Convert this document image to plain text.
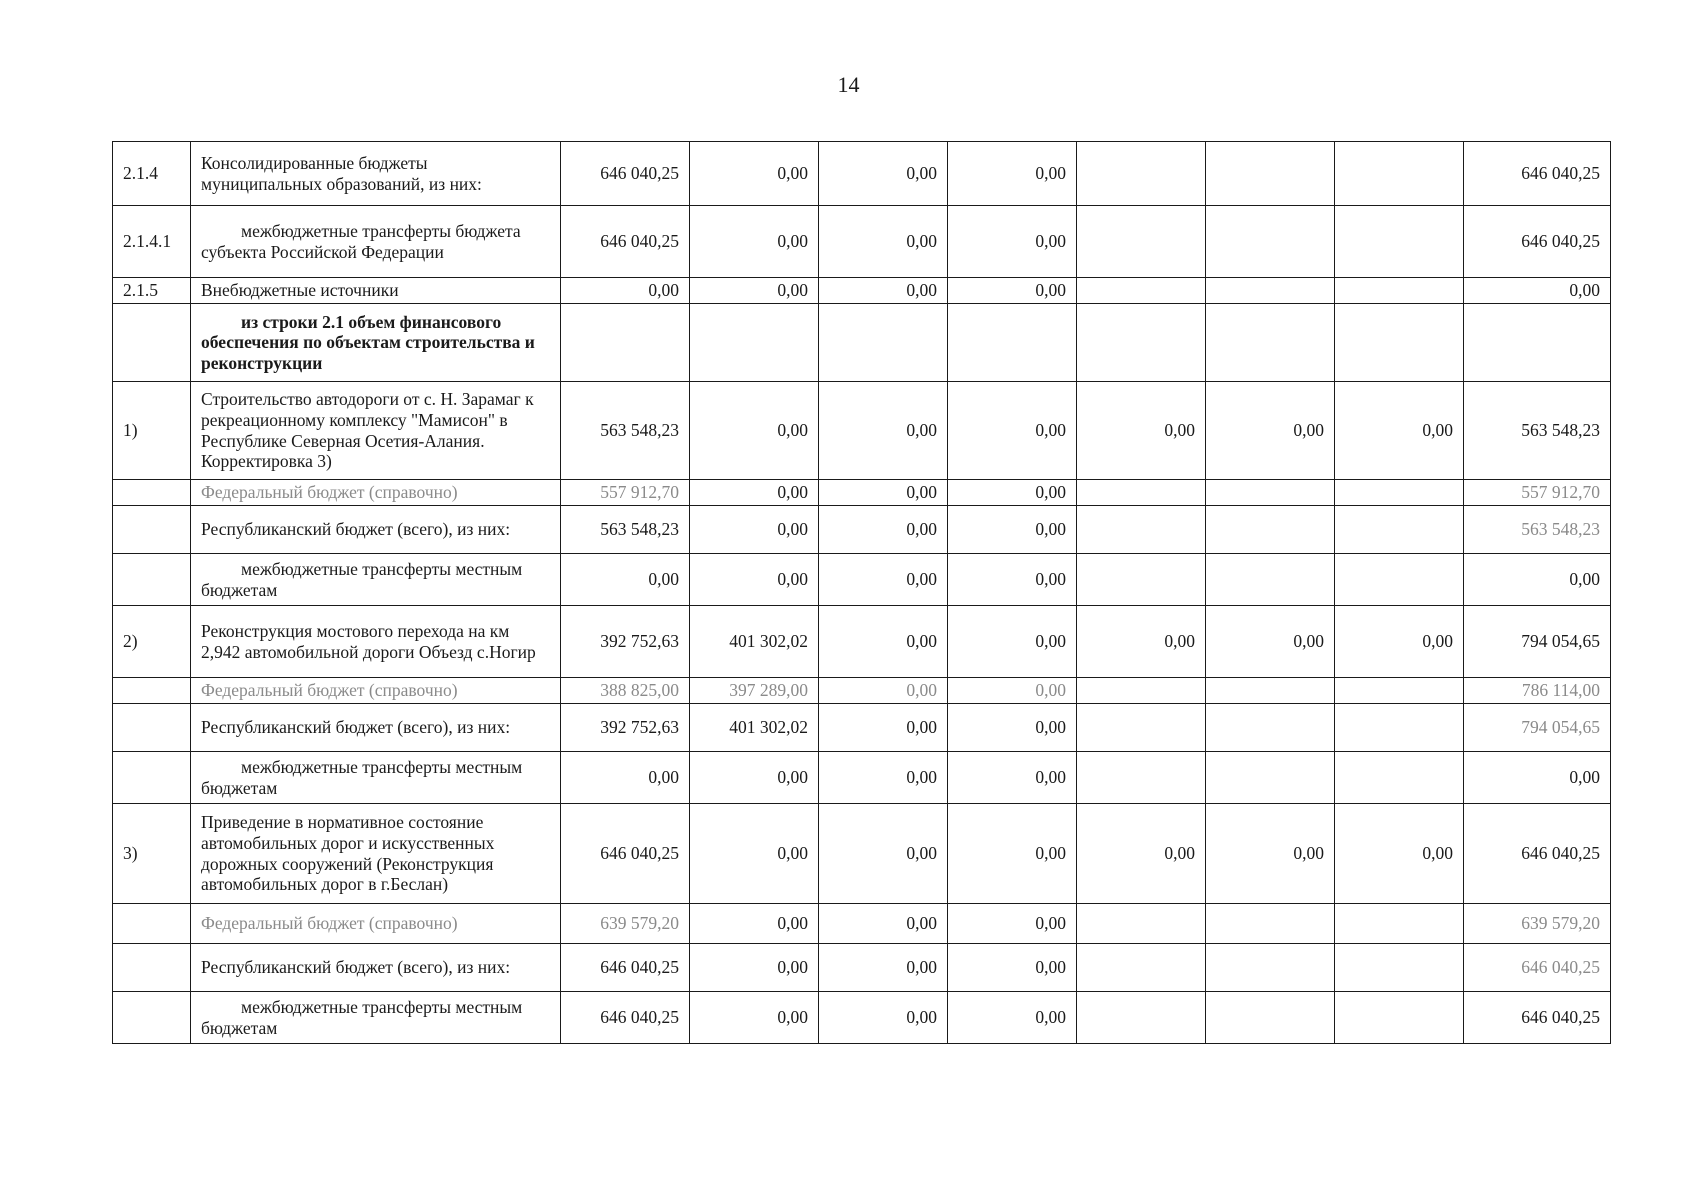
14
2.1.4	Консолидированные бюджеты муниципальных образований, из них:	646 040,25	0,00	0,00	0,00				646 040,25
2.1.4.1	межбюджетные трансферты бюджета субъекта Российской Федерации	646 040,25	0,00	0,00	0,00				646 040,25
2.1.5	Внебюджетные источники	0,00	0,00	0,00	0,00				0,00
	из строки 2.1 объем финансового обеспечения по объектам строительства и реконструкции								
1)	Строительство автодороги от с. Н. Зарамаг к рекреационному комплексу "Мамисон" в Республике Северная Осетия-Алания. Корректировка 3)	563 548,23	0,00	0,00	0,00	0,00	0,00	0,00	563 548,23
	Федеральный бюджет (справочно)	557 912,70	0,00	0,00	0,00				557 912,70
	Республиканский бюджет (всего), из них:	563 548,23	0,00	0,00	0,00				563 548,23
	межбюджетные трансферты местным бюджетам	0,00	0,00	0,00	0,00				0,00
2)	Реконструкция мостового перехода на км 2,942 автомобильной дороги Объезд с.Ногир	392 752,63	401 302,02	0,00	0,00	0,00	0,00	0,00	794 054,65
	Федеральный бюджет (справочно)	388 825,00	397 289,00	0,00	0,00				786 114,00
	Республиканский бюджет (всего), из них:	392 752,63	401 302,02	0,00	0,00				794 054,65
	межбюджетные трансферты местным бюджетам	0,00	0,00	0,00	0,00				0,00
3)	Приведение в нормативное состояние автомобильных дорог и искусственных дорожных сооружений (Реконструкция автомобильных дорог в г.Беслан)	646 040,25	0,00	0,00	0,00	0,00	0,00	0,00	646 040,25
	Федеральный бюджет (справочно)	639 579,20	0,00	0,00	0,00				639 579,20
	Республиканский бюджет (всего), из них:	646 040,25	0,00	0,00	0,00				646 040,25
	межбюджетные трансферты местным бюджетам	646 040,25	0,00	0,00	0,00				646 040,25
